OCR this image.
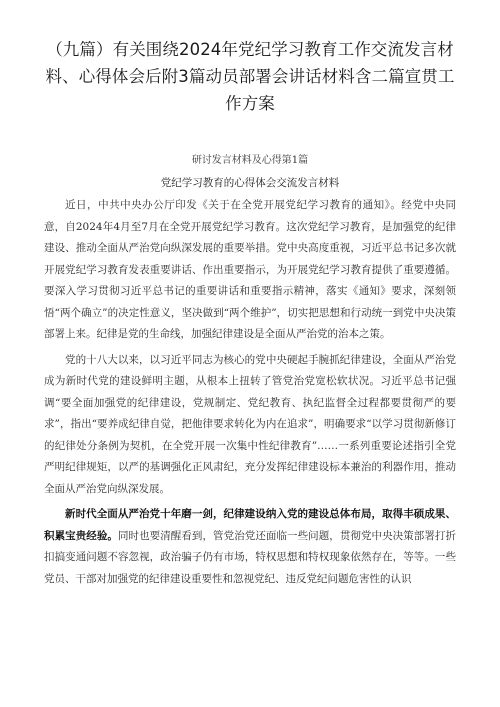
（九篇）有关围绕2024年党纪学习教育工作交流发言材料、心得体会后附3篇动员部署会讲话材料含二篇宣贯工作方案
研讨发言材料及心得第1篇
党纪学习教育的心得体会交流发言材料

近日，中共中央办公厅印发《关于在全党开展党纪学习教育的通知》。经党中央同意，自2024年4月至7月在全党开展党纪学习教育。这次党纪学习教育，是加强党的纪律建设、推动全面从严治党向纵深发展的重要举措。党中央高度重视，习近平总书记多次就开展党纪学习教育发表重要讲话、作出重要指示，为开展党纪学习教育提供了重要遵循。要深入学习贯彻习近平总书记的重要讲话和重要指示精神，落实《通知》要求，深刻领悟“两个确立”的决定性意义，坚决做到“两个维护”，切实把思想和行动统一到党中央决策部署上来。纪律是党的生命线，加强纪律建设是全面从严治党的治本之策。

党的十八大以来，以习近平同志为核心的党中央硬起手腕抓纪律建设，全面从严治党成为新时代党的建设鲜明主题，从根本上扭转了管党治党宽松软状况。习近平总书记强调“要全面加强党的纪律建设，党规制定、党纪教育、执纪监督全过程都要贯彻严的要求”，指出“要养成纪律自觉，把他律要求转化为内在追求”，明确要求“以学习贯彻新修订的纪律处分条例为契机，在全党开展一次集中性纪律教育”……一系列重要论述指引全党严明纪律规矩，以严的基调强化正风肃纪，充分发挥纪律建设标本兼治的利器作用，推动全面从严治党向纵深发展。

新时代全面从严治党十年磨一剑，纪律建设纳入党的建设总体布局，取得丰硕成果、积累宝贵经验。同时也要清醒看到，管党治党还面临一些问题，贯彻党中央决策部署打折扣搞变通问题不容忽视，政治骗子仍有市场，特权思想和特权现象依然存在，等等。一些党员、干部对加强党的纪律建设重要性和忽视党纪、违反党纪问题危害性的认识
